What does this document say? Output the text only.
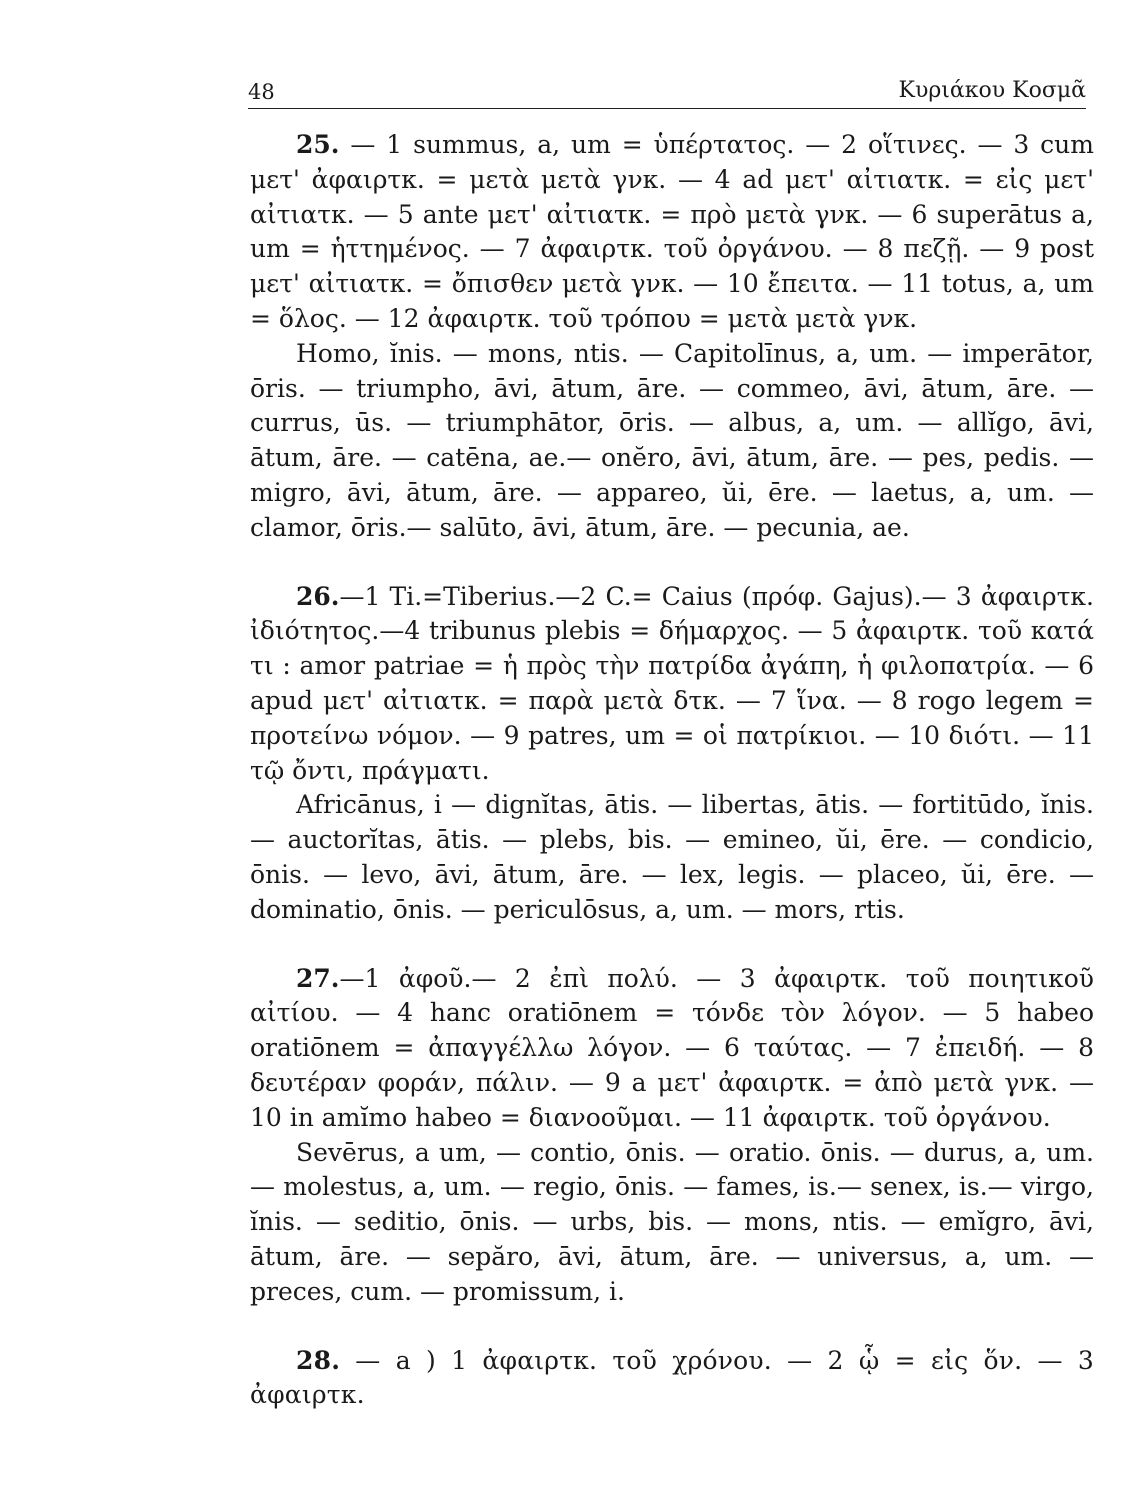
48	Κυριάκου Κοσμᾶ

25. — 1 summus, a, um = ὑπέρτατος. — 2 οἵτινες. — 3 cum μετ' ἀφαιρτκ. = μετὰ μετὰ γνκ. — 4 ad μετ' αἰτιατκ. = εἰς μετ' αἰτιατκ. — 5 ante μετ' αἰτιατκ. = πρὸ μετὰ γνκ. — 6 superātus a, um = ἡττημένος. — 7 ἀφαιρτκ. τοῦ ὀργάνου. — 8 πεζῇ. — 9 post μετ' αἰτιατκ. = ὄπισθεν μετὰ γνκ. — 10 ἔπειτα. — 11 totus, a, um = ὅλος. — 12 ἀφαιρτκ. τοῦ τρόπου = μετὰ μετὰ γνκ.

Homo, ĭnis. — mons, ntis. — Capitolīnus, a, um. — imperātor, ōris. — triumpho, āvi, ātum, āre. — commeo, āvi, ātum, āre. — currus, ūs. — triumphātor, ōris. — albus, a, um. — allĭgo, āvi, ātum, āre. — catēna, ae.— onĕro, āvi, ātum, āre. — pes, pedis. — migro, āvi, ātum, āre. — appareo, ŭi, ēre. — laetus, a, um. — clamor, ōris.— salūto, āvi, ātum, āre. — pecunia, ae.

26.—1 Ti.=Tiberius.—2 C.= Caius (πρόφ. Gajus).— 3 ἀφαιρτκ. ἰδιότητος.—4 tribunus plebis = δήμαρχος. — 5 ἀφαιρτκ. τοῦ κατά τι : amor patriae = ἡ πρὸς τὴν πατρίδα ἀγάπη, ἡ φιλοπατρία. — 6 apud μετ' αἰτιατκ. = παρὰ μετὰ δτκ. — 7 ἵνα. — 8 rogo legem = προτείνω νόμον. — 9 patres, um = οἱ πατρίκιοι. — 10 διότι. — 11 τῷ ὄντι, πράγματι.

Africānus, i — dignĭtas, ātis. — libertas, ātis. — fortitūdo, ĭnis. — auctorĭtas, ātis. — plebs, bis. — emineo, ŭi, ēre. — condicio, ōnis. — levo, āvi, ātum, āre. — lex, legis. — placeo, ŭi, ēre. — dominatio, ōnis. — periculōsus, a, um. — mors, rtis.

27.—1 ἀφοῦ.— 2 ἐπὶ πολύ. — 3 ἀφαιρτκ. τοῦ ποιητικοῦ αἰτίου. — 4 hanc oratiōnem = τόνδε τὸν λόγον. — 5 habeo oratiōnem = ἀπαγγέλλω λόγον. — 6 ταύτας. — 7 ἐπειδή. — 8 δευτέραν φοράν, πάλιν. — 9 a μετ' ἀφαιρτκ. = ἀπὸ μετὰ γνκ. — 10 in amĭmo habeo = διανοοῦμαι. — 11 ἀφαιρτκ. τοῦ ὀργάνου.

Sevērus, a um, — contio, ōnis. — oratio. ōnis. — durus, a, um. — molestus, a, um. — regio, ōnis. — fames, is.— senex, is.— virgo, ĭnis. — seditio, ōnis. — urbs, bis. — mons, ntis. — emĭgro, āvi, ātum, āre. — sepăro, āvi, ātum, āre. — universus, a, um. — preces, cum. — promissum, i.

28. — a ) 1 ἀφαιρτκ. τοῦ χρόνου. — 2 ᾧ = εἰς ὅν. — 3 ἀφαιρτκ.
